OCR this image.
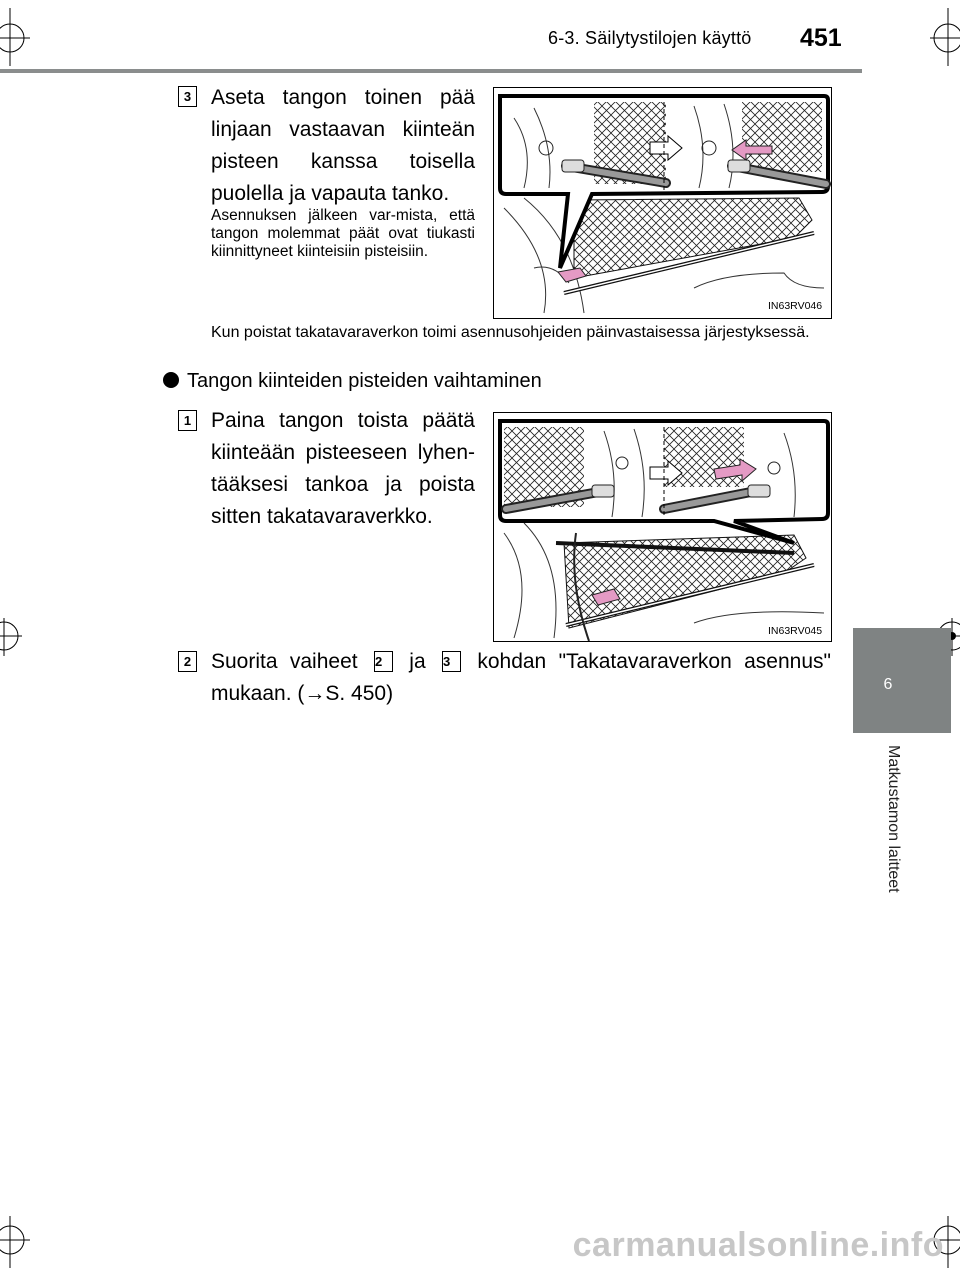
6-3. Säilytystilojen käyttö 451
6
Matkustamon laitteet
3 Aseta tangon toinen pää linjaan vastaavan kiinteän pisteen kanssa toisella puolella ja vapauta tanko.
Asennuksen jälkeen var-mista, että tangon molemmat päät ovat tiukasti kiinnittyneet kiinteisiin pisteisiin.
IN63RV046
Kun poistat takatavaraverkon toimi asennusohjeiden päinvastaisessa järjestyksessä.
Tangon kiinteiden pisteiden vaihtaminen
1 Paina tangon toista päätä kiinteään pisteeseen lyhen-tääksesi tankoa ja poista sitten takatavaraverkko.
IN63RV045
2 Suorita vaiheet 2 ja 3 kohdan "Takatavaraverkon asennus" mukaan. (→S. 450)
carmanualsonline.info
